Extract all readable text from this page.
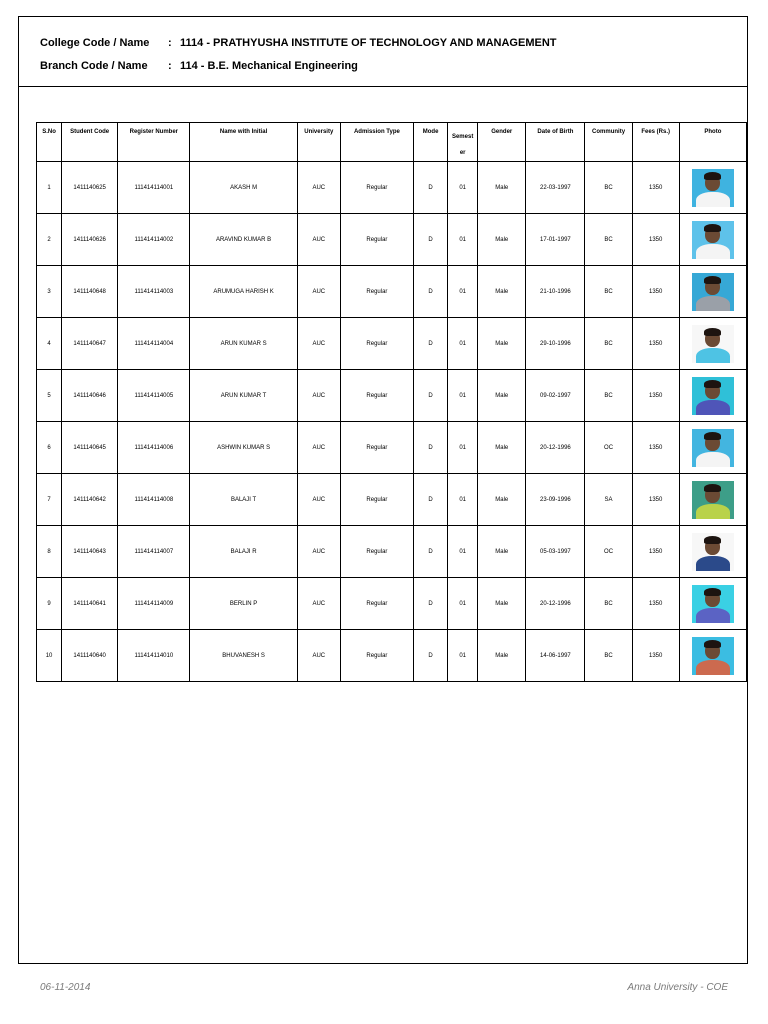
College Code / Name : 1114 - PRATHYUSHA INSTITUTE OF TECHNOLOGY AND MANAGEMENT
Branch Code / Name : 114 - B.E. Mechanical Engineering
S.No	Student Code	Register Number	Name with Initial	University	Admission Type	Mode	Semester	Gender	Date of Birth	Community	Fees (Rs.)	Photo
1	1411140625	111414114001	AKASH M	AUC	Regular	D	01	Male	22-03-1997	BC	1350	

2	1411140626	111414114002	ARAVIND KUMAR B	AUC	Regular	D	01	Male	17-01-1997	BC	1350	

3	1411140648	111414114003	ARUMUGA HARISH K	AUC	Regular	D	01	Male	21-10-1996	BC	1350	

4	1411140647	111414114004	ARUN KUMAR S	AUC	Regular	D	01	Male	29-10-1996	BC	1350	

5	1411140646	111414114005	ARUN KUMAR T	AUC	Regular	D	01	Male	09-02-1997	BC	1350	

6	1411140645	111414114006	ASHWIN KUMAR S	AUC	Regular	D	01	Male	20-12-1996	OC	1350	

7	1411140642	111414114008	BALAJI T	AUC	Regular	D	01	Male	23-09-1996	SA	1350	

8	1411140643	111414114007	BALAJI R	AUC	Regular	D	01	Male	05-03-1997	OC	1350	

9	1411140641	111414114009	BERLIN P	AUC	Regular	D	01	Male	20-12-1996	BC	1350	

10	1411140640	111414114010	BHUVANESH S	AUC	Regular	D	01	Male	14-06-1997	BC	1350	
06-11-2014	Anna University - COE
